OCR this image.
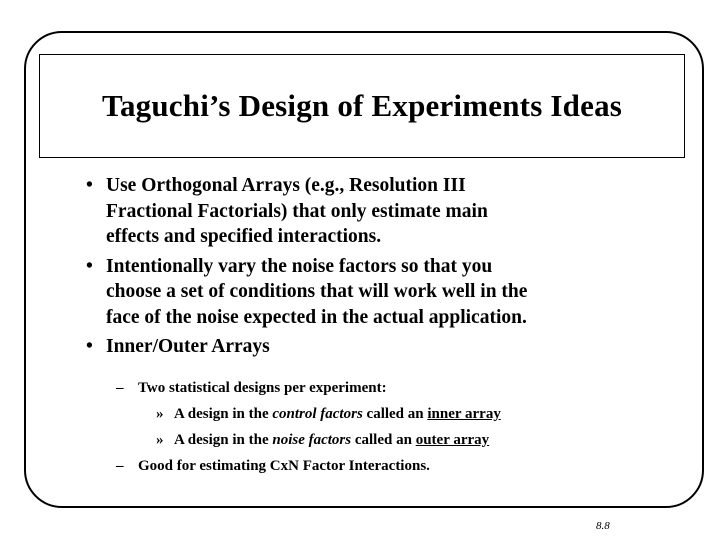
Taguchi’s Design of Experiments Ideas
• Use Orthogonal Arrays (e.g., Resolution III
Fractional Factorials) that only estimate main
effects and specified interactions.
• Intentionally vary the noise factors so that you
choose a set of conditions that will work well in the
face of the noise expected in the actual application.
• Inner/Outer Arrays
– Two statistical designs per experiment:
» A design in the control factors called an inner array
» A design in the noise factors called an outer array
– Good for estimating CxN Factor Interactions.
8.8
